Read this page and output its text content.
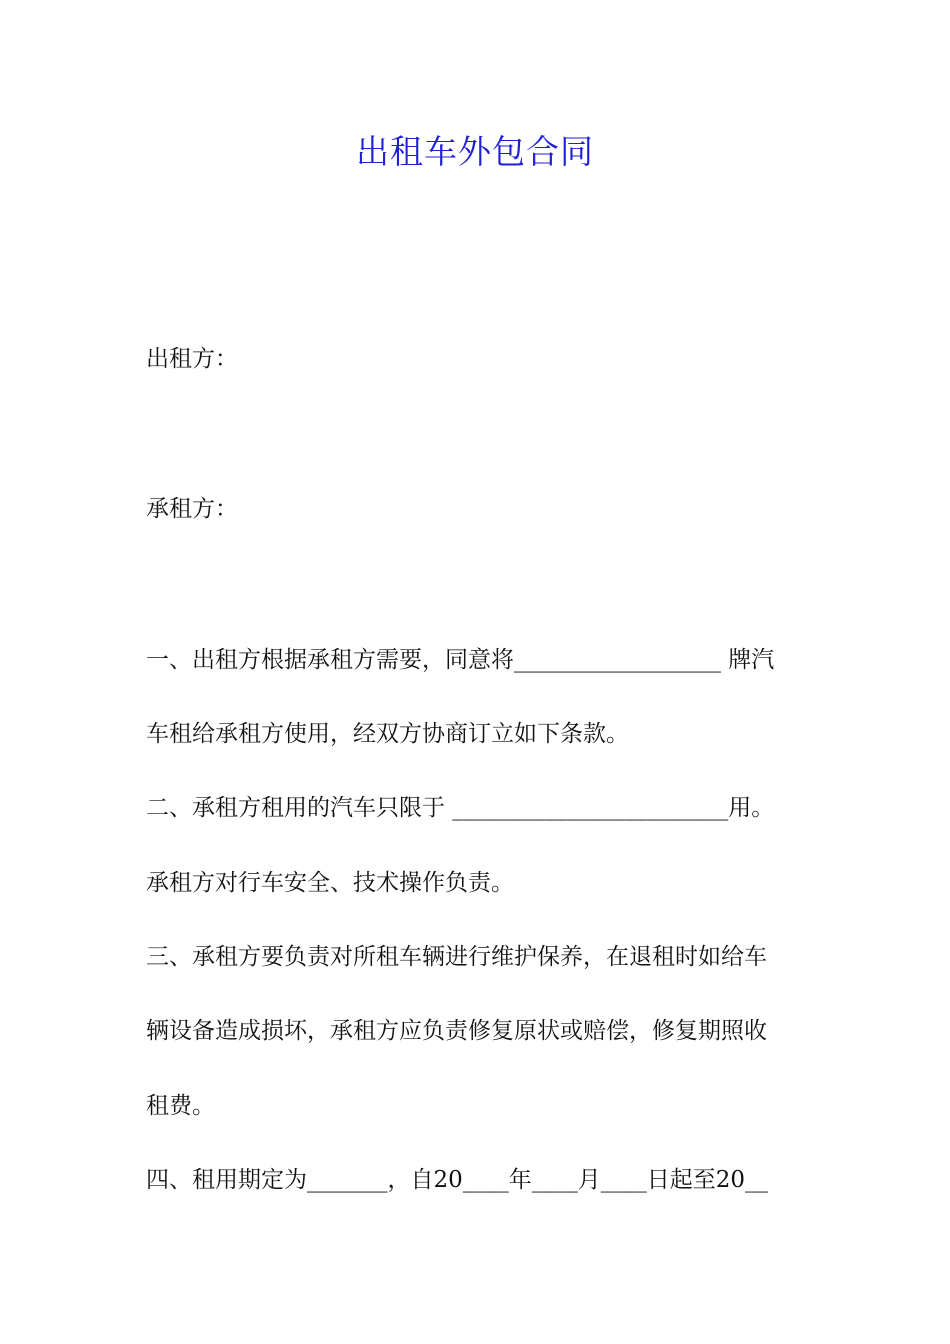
出租车外包合同
出租方：
承租方：
一、出租方根据承租方需要，同意将__________________ 牌汽
车租给承租方使用，经双方协商订立如下条款。
二、承租方租用的汽车只限于 ________________________用。
承租方对行车安全、技术操作负责。
三、承租方要负责对所租车辆进行维护保养，在退租时如给车
辆设备造成损坏，承租方应负责修复原状或赔偿，修复期照收
租费。
四、租用期定为_______，自20____年____月____日起至20__
